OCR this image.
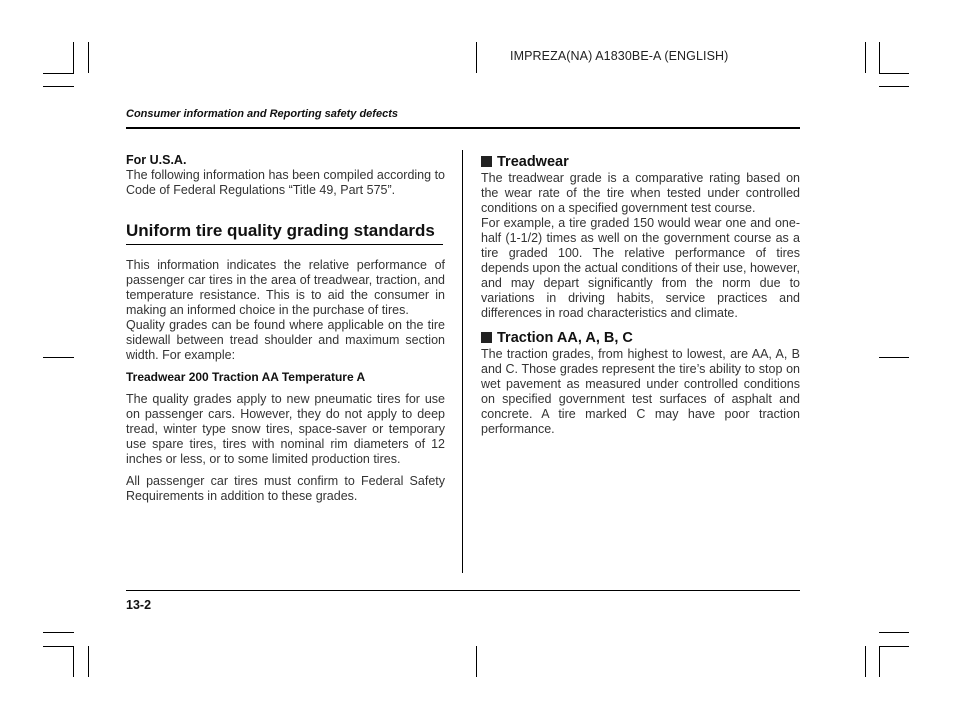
IMPREZA(NA) A1830BE-A (ENGLISH)
Consumer information and Reporting safety defects
For U.S.A.

The following information has been compiled according to Code of Federal Regulations “Title 49, Part 575”.

Uniform tire quality grading standards

This information indicates the relative performance of passenger car tires in the area of treadwear, traction, and temperature resistance. This is to aid the consumer in making an informed choice in the purchase of tires.

Quality grades can be found where applicable on the tire sidewall between tread shoulder and maximum section width. For example:

Treadwear 200 Traction AA Temperature A

The quality grades apply to new pneumatic tires for use on passenger cars. However, they do not apply to deep tread, winter type snow tires, space-saver or temporary use spare tires, tires with nominal rim diameters of 12 inches or less, or to some limited production tires.

All passenger car tires must confirm to Federal Safety Requirements in addition to these grades.

Treadwear

The treadwear grade is a comparative rating based on the wear rate of the tire when tested under controlled conditions on a specified government test course.

For example, a tire graded 150 would wear one and one-half (1-1/2) times as well on the government course as a tire graded 100. The relative performance of tires depends upon the actual conditions of their use, however, and may depart significantly from the norm due to variations in driving habits, service practices and differences in road characteristics and climate.

Traction AA, A, B, C

The traction grades, from highest to lowest, are AA, A, B and C. Those grades represent the tire’s ability to stop on wet pavement as measured under controlled conditions on specified government test surfaces of asphalt and concrete. A tire marked C may have poor traction performance.

13-2
